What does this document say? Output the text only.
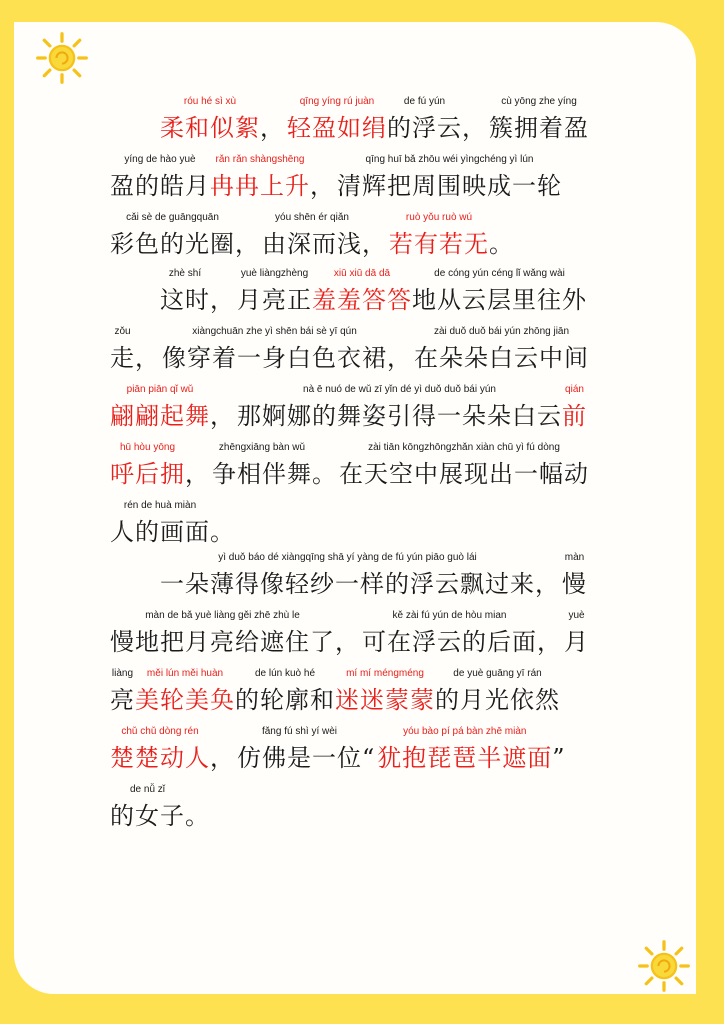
róu hé sì xù
柔和似絮
，
qīng yíng rú juàn
轻盈如绢
de fú yún
的浮云
，
cù yōng zhe yíng
簇拥着盈
yíng de hào yuè
盈的皓月
rǎn rǎn shàngshēng
冉冉上升
，
qīng huī bǎ zhōu wéi yìngchéng yì lún
清辉把周围映成一轮
cǎi sè de guāngquān
彩色的光圈
，
yóu shēn ér qiǎn
由深而浅
，
ruò yǒu ruò wú
若有若无
。
zhè shí
这时
，
yuè liàngzhèng
月亮正
xiū xiū dā dā
羞羞答答
de cóng yún céng lǐ wǎng wài
地从云层里往外
zǒu
走
，
xiàngchuān zhe yì shēn bái sè yī qún
像穿着一身白色衣裙
，
zài duǒ duǒ bái yún zhōng jiān
在朵朵白云中间
piān piān qǐ wǔ
翩翩起舞
，
nà ē nuó de wǔ zī yǐn dé yì duǒ duǒ bái yún
那婀娜的舞姿引得一朵朵白云
qián
前
hū hòu yōng
呼后拥
，
zhēngxiāng bàn wǔ
争相伴舞
。
zài tiān kōngzhōngzhǎn xiàn chū yì fú dòng
在天空中展现出一幅动
rén de huà miàn
人的画面
。
yì duǒ báo dé xiàngqīng shā yí yàng de fú yún piāo guò lái
一朵薄得像轻纱一样的浮云飘过来
，
màn
慢
màn de bǎ yuè liàng gěi zhē zhù le
慢地把月亮给遮住了
，
kě zài fú yún de hòu mian
可在浮云的后面
，
yuè
月
liàng
亮
měi lún měi huàn
美轮美奂
de lún kuò hé
的轮廓和
mí mí méngméng
迷迷蒙蒙
de yuè guāng yī rán
的月光依然
chǔ chǔ dòng rén
楚楚动人
，
fǎng fú shì yí wèi
仿佛是一位
“
yóu bào pí pá bàn zhē miàn
犹抱琵琶半遮面
”
de nǚ zǐ
的女子
。
